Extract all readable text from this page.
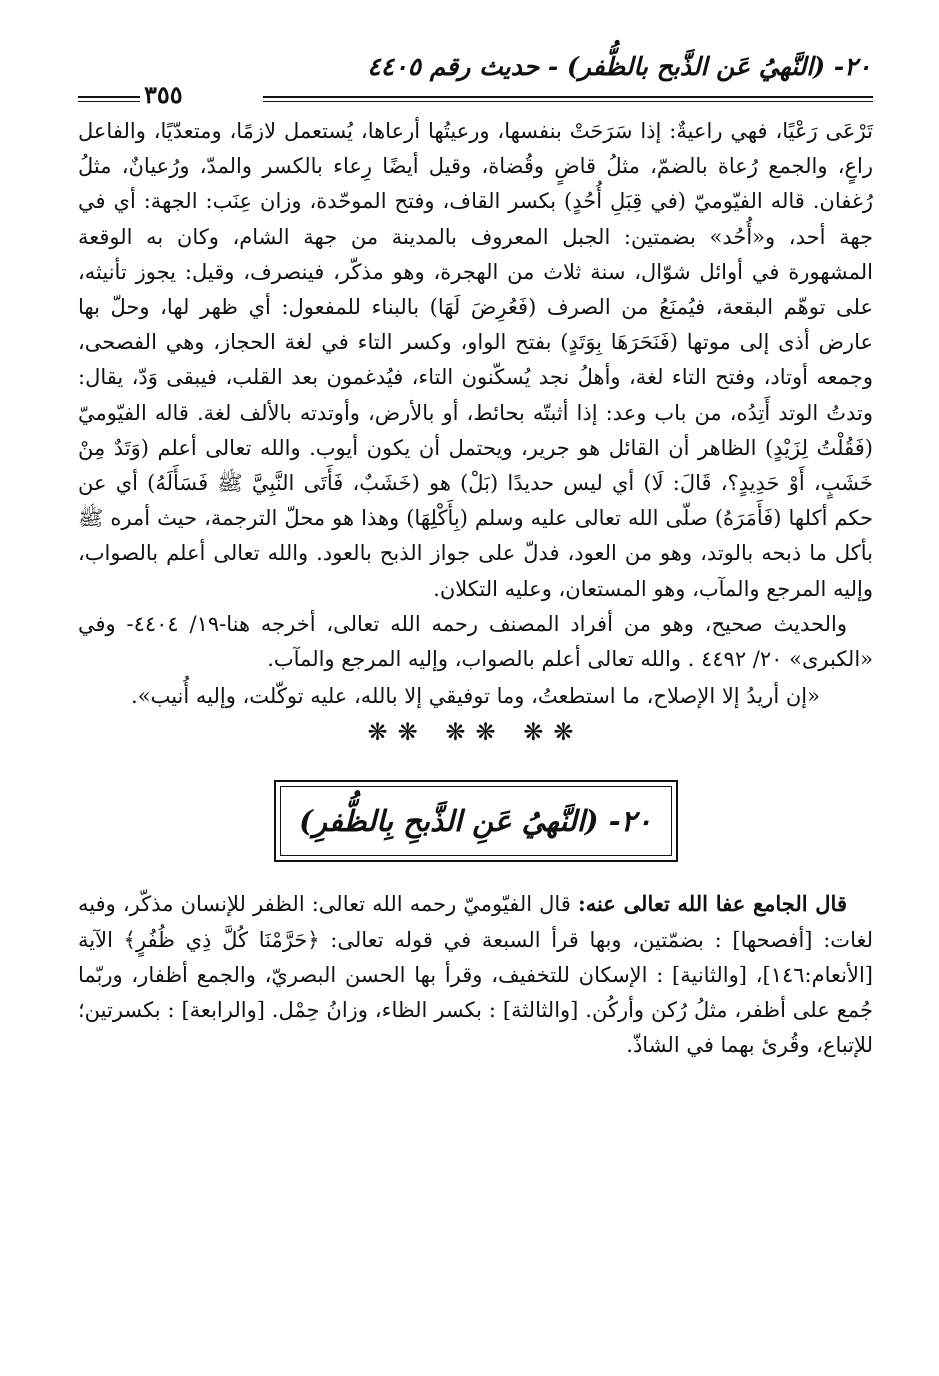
٢٠- (النَّهيُ عَن الذَّبح بالظُّفر) - حديث رقم ٤٤٠٥
٣٥٥

تَرْعَى رَعْيًا، فهي راعيةٌ: إذا سَرَحَتْ بنفسها، ورعيتُها أرعاها، يُستعمل لازمًا، ومتعدّيًا، والفاعل راعٍ، والجمع رُعاة بالضمّ، مثلُ قاضٍ وقُضاة، وقيل أيضًا رِعاء بالكسر والمدّ، ورُعيانٌ، مثلُ رُغفان. قاله الفيّوميّ (في قِبَلِ أُحُدٍ) بكسر القاف، وفتح الموحّدة، وزان عِنَب: الجهة: أي في جهة أحد، و«أُحُد» بضمتين: الجبل المعروف بالمدينة من جهة الشام، وكان به الوقعة المشهورة في أوائل شوّال، سنة ثلاث من الهجرة، وهو مذكّر، فينصرف، وقيل: يجوز تأنيثه، على توهّم البقعة، فيُمنَعُ من الصرف (فَعُرِضَ لَهَا) بالبناء للمفعول: أي ظهر لها، وحلّ بها عارض أذى إلى موتها (فَنَحَرَهَا بِوَتَدٍ) بفتح الواو، وكسر التاء في لغة الحجاز، وهي الفصحى، وجمعه أوتاد، وفتح التاء لغة، وأهلُ نجد يُسكّنون التاء، فيُدغمون بعد القلب، فيبقى وَدّ، يقال: وتدتُ الوتد أَتِدُه، من باب وعد: إذا أثبتّه بحائط، أو بالأرض، وأوتدته بالألف لغة. قاله الفيّوميّ (فَقُلْتُ لِزَيْدٍ) الظاهر أن القائل هو جرير، ويحتمل أن يكون أيوب. والله تعالى أعلم (وَتَدٌ مِنْ خَشَبٍ، أَوْ حَدِيدٍ؟، قَالَ: لَا) أي ليس حديدًا (بَلْ) هو (خَشَبٌ، فَأَتَى النَّبِيَّ ﷺ فَسَأَلَهُ) أي عن حكم أكلها (فَأَمَرَهُ) صلّى الله تعالى عليه وسلم (بِأَكْلِهَا) وهذا هو محلّ الترجمة، حيث أمره ﷺ بأكل ما ذبحه بالوتد، وهو من العود، فدلّ على جواز الذبح بالعود. والله تعالى أعلم بالصواب، وإليه المرجع والمآب، وهو المستعان، وعليه التكلان.

والحديث صحيح، وهو من أفراد المصنف رحمه الله تعالى، أخرجه هنا-١٩/ ٤٤٠٤- وفي «الكبرى» ٢٠/ ٤٤٩٢ . والله تعالى أعلم بالصواب، وإليه المرجع والمآب.

«إن أريدُ إلا الإصلاح، ما استطعتُ، وما توفيقي إلا بالله، عليه توكّلت، وإليه أُنيب».

❋❋ ❋❋ ❋❋
٢٠- (النَّهيُ عَنِ الذَّبحِ بِالظُّفرِ)

قال الجامع عفا الله تعالى عنه: قال الفيّوميّ رحمه الله تعالى: الظفر للإنسان مذكّر، وفيه لغات: [أفصحها] : بضمّتين، وبها قرأ السبعة في قوله تعالى: ﴿حَرَّمْنَا كُلَّ ذِي ظُفُرٍ﴾ الآية [الأنعام:١٤٦]، [والثانية] : الإسكان للتخفيف، وقرأ بها الحسن البصريّ، والجمع أظفار، وربّما جُمع على أظفر، مثلُ رُكن وأركُن. [والثالثة] : بكسر الظاء، وزانُ حِمْل. [والرابعة] : بكسرتين؛ للإتباع، وقُرئ بهما في الشاذّ.
